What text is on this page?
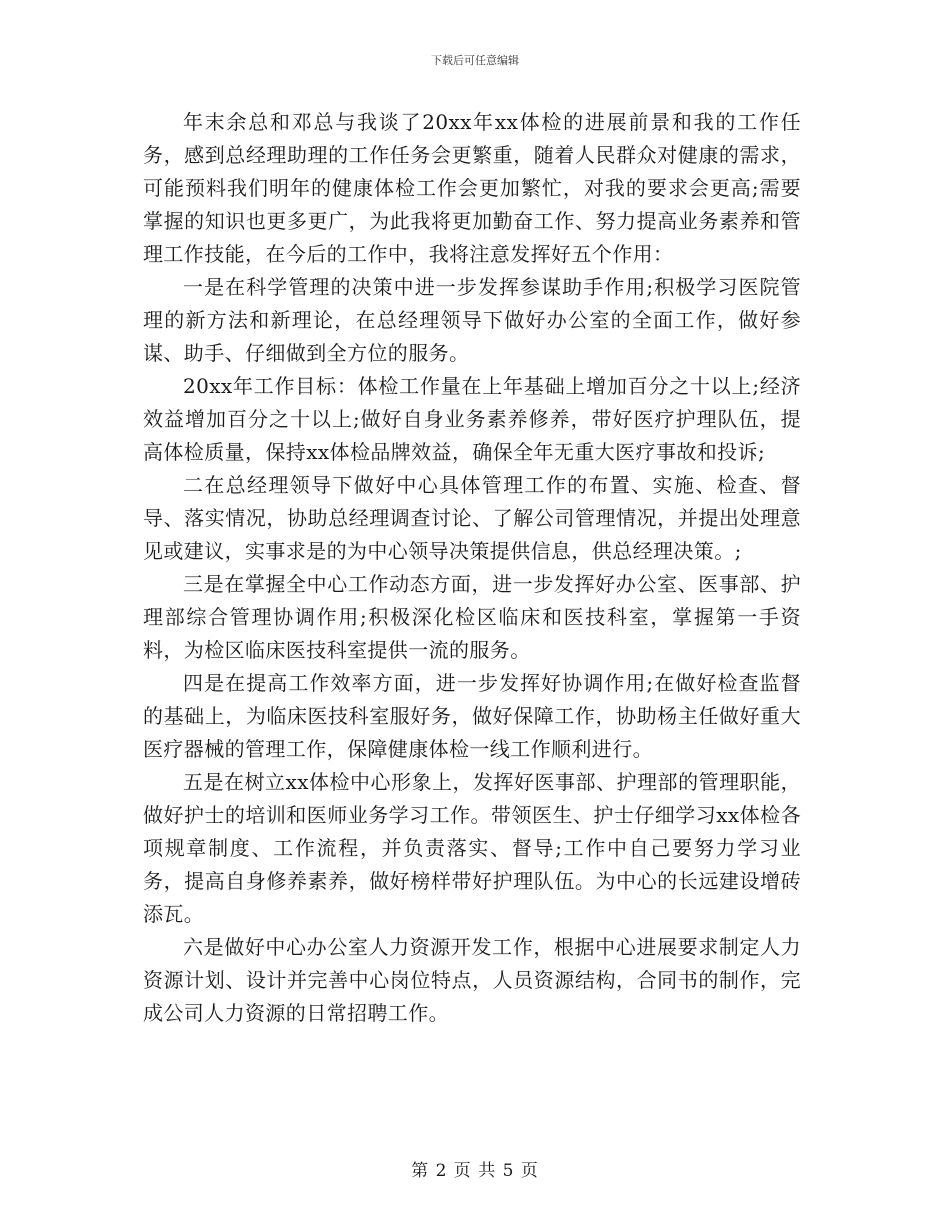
下载后可任意编辑

年末余总和邓总与我谈了20xx年xx体检的进展前景和我的工作任务，感到总经理助理的工作任务会更繁重，随着人民群众对健康的需求，可能预料我们明年的健康体检工作会更加繁忙，对我的要求会更高;需要掌握的知识也更多更广，为此我将更加勤奋工作、努力提高业务素养和管理工作技能，在今后的工作中，我将注意发挥好五个作用：

一是在科学管理的决策中进一步发挥参谋助手作用;积极学习医院管理的新方法和新理论，在总经理领导下做好办公室的全面工作，做好参谋、助手、仔细做到全方位的服务。

20xx年工作目标：体检工作量在上年基础上增加百分之十以上;经济效益增加百分之十以上;做好自身业务素养修养，带好医疗护理队伍，提高体检质量，保持xx体检品牌效益，确保全年无重大医疗事故和投诉;

二在总经理领导下做好中心具体管理工作的布置、实施、检查、督导、落实情况，协助总经理调查讨论、了解公司管理情况，并提出处理意见或建议，实事求是的为中心领导决策提供信息，供总经理决策。;

三是在掌握全中心工作动态方面，进一步发挥好办公室、医事部、护理部综合管理协调作用;积极深化检区临床和医技科室，掌握第一手资料，为检区临床医技科室提供一流的服务。

四是在提高工作效率方面，进一步发挥好协调作用;在做好检查监督的基础上，为临床医技科室服好务，做好保障工作，协助杨主任做好重大医疗器械的管理工作，保障健康体检一线工作顺利进行。

五是在树立xx体检中心形象上，发挥好医事部、护理部的管理职能，做好护士的培训和医师业务学习工作。带领医生、护士仔细学习xx体检各项规章制度、工作流程，并负责落实、督导;工作中自己要努力学习业务，提高自身修养素养，做好榜样带好护理队伍。为中心的长远建设增砖添瓦。

六是做好中心办公室人力资源开发工作，根据中心进展要求制定人力资源计划、设计并完善中心岗位特点，人员资源结构，合同书的制作，完成公司人力资源的日常招聘工作。

第 2 页 共 5 页
